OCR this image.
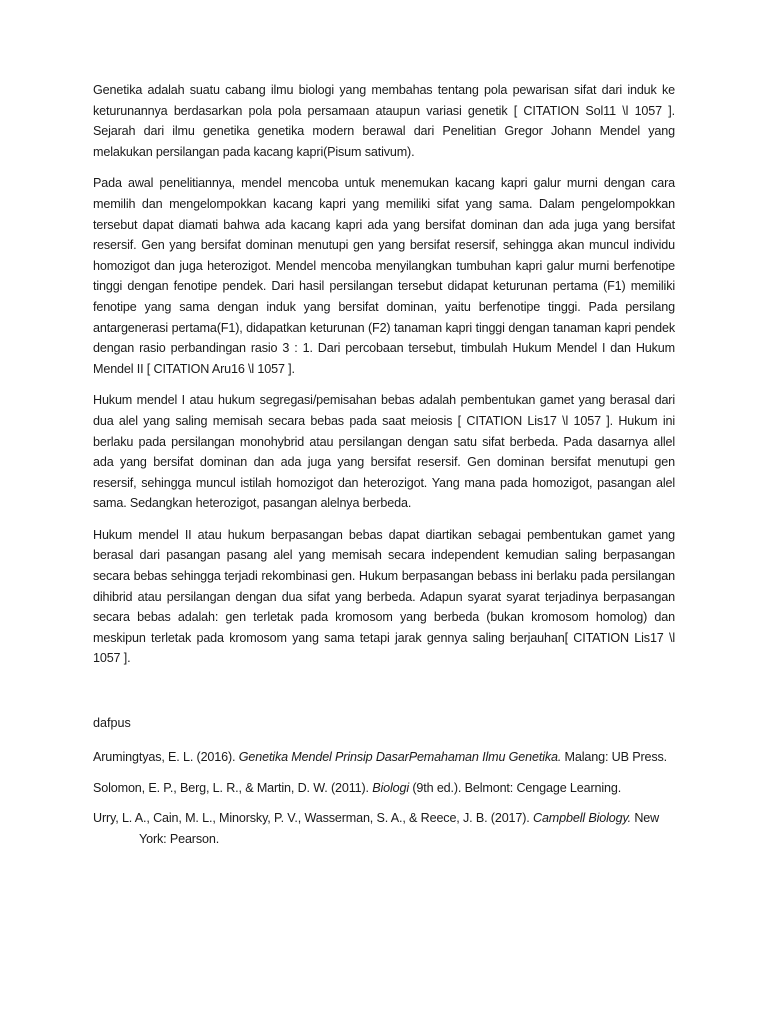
Genetika adalah suatu cabang ilmu biologi yang membahas tentang pola pewarisan sifat dari induk ke keturunannya berdasarkan pola pola persamaan ataupun variasi genetik [ CITATION Sol11 \l 1057 ]. Sejarah dari ilmu genetika genetika modern berawal dari Penelitian Gregor Johann Mendel yang melakukan persilangan pada kacang kapri(Pisum sativum).

Pada awal penelitiannya, mendel mencoba untuk menemukan kacang kapri galur murni dengan cara memilih dan mengelompokkan kacang kapri yang memiliki sifat yang sama. Dalam pengelompokkan tersebut dapat diamati bahwa ada kacang kapri ada yang bersifat dominan dan ada juga yang bersifat resersif. Gen yang bersifat dominan menutupi gen yang bersifat resersif, sehingga akan muncul individu homozigot dan juga heterozigot. Mendel mencoba menyilangkan tumbuhan kapri galur murni berfenotipe tinggi dengan fenotipe pendek. Dari hasil persilangan tersebut didapat keturunan pertama (F1) memiliki fenotipe yang sama dengan induk yang bersifat dominan, yaitu berfenotipe tinggi. Pada persilang antargenerasi pertama(F1), didapatkan keturunan (F2) tanaman kapri tinggi dengan tanaman kapri pendek dengan rasio perbandingan rasio 3 : 1. Dari percobaan tersebut, timbulah Hukum Mendel I dan Hukum Mendel II [ CITATION Aru16 \l 1057 ].

Hukum mendel I atau hukum segregasi/pemisahan bebas adalah pembentukan gamet yang berasal dari dua alel yang saling memisah secara bebas pada saat meiosis [ CITATION Lis17 \l 1057 ]. Hukum ini berlaku pada persilangan monohybrid atau persilangan dengan satu sifat berbeda. Pada dasarnya allel ada yang bersifat dominan dan ada juga yang bersifat resersif. Gen dominan bersifat menutupi gen resersif, sehingga muncul istilah homozigot dan heterozigot. Yang mana pada homozigot, pasangan alel sama. Sedangkan heterozigot, pasangan alelnya berbeda.

Hukum mendel II atau hukum berpasangan bebas dapat diartikan sebagai pembentukan gamet yang berasal dari pasangan pasang alel yang memisah secara independent kemudian saling berpasangan secara bebas sehingga terjadi rekombinasi gen. Hukum berpasangan bebass ini berlaku pada persilangan dihibrid atau persilangan dengan dua sifat yang berbeda. Adapun syarat syarat terjadinya berpasangan secara bebas adalah: gen terletak pada kromosom yang berbeda (bukan kromosom homolog) dan meskipun terletak pada kromosom yang sama tetapi jarak gennya saling berjauhan[ CITATION Lis17 \l 1057 ].

dafpus
Arumingtyas, E. L. (2016). Genetika Mendel Prinsip DasarPemahaman Ilmu Genetika. Malang: UB Press.
Solomon, E. P., Berg, L. R., & Martin, D. W. (2011). Biologi (9th ed.). Belmont: Cengage Learning.
Urry, L. A., Cain, M. L., Minorsky, P. V., Wasserman, S. A., & Reece, J. B. (2017). Campbell Biology. New York: Pearson.
